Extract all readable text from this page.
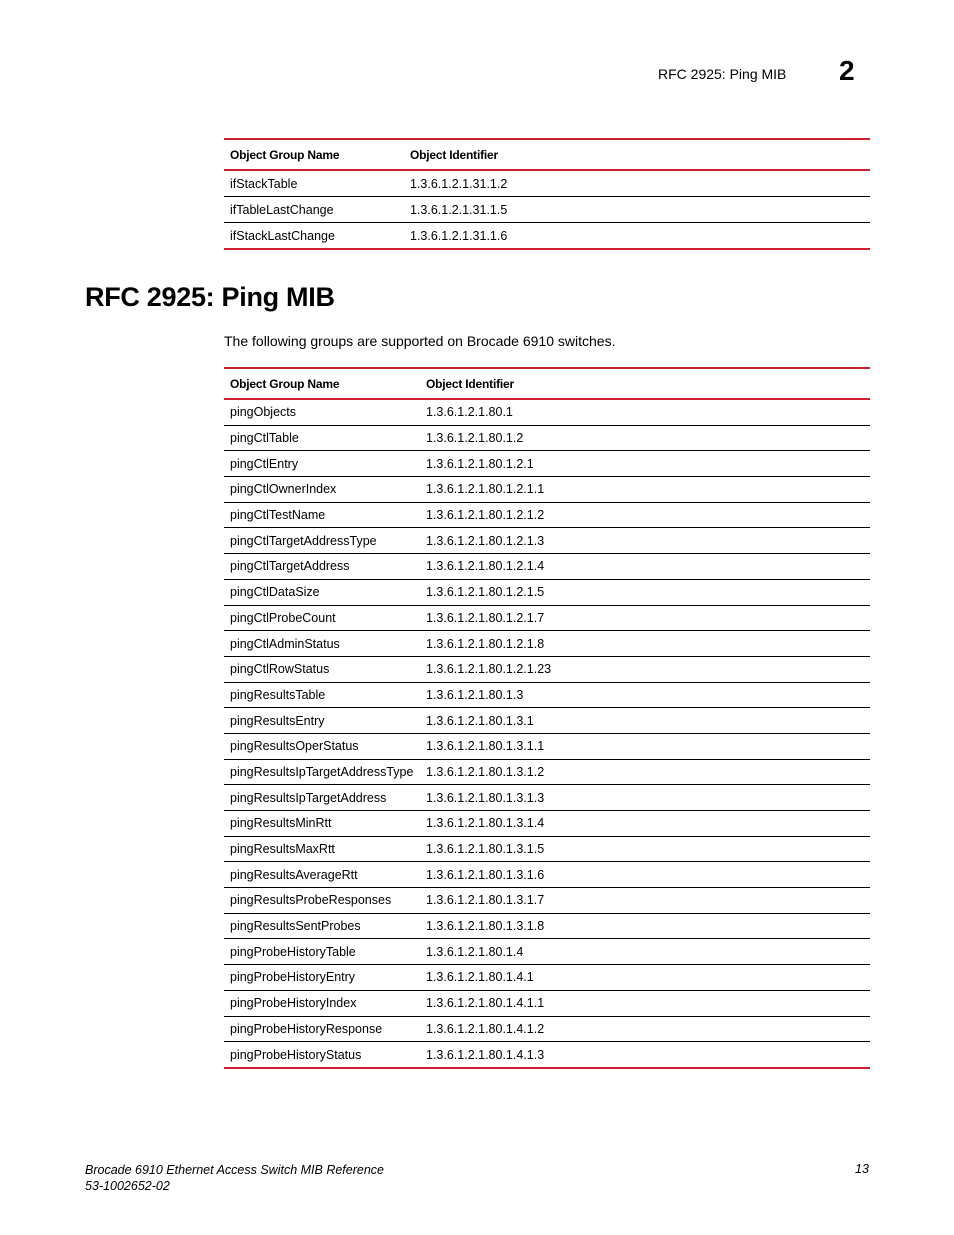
RFC 2925: Ping MIB 2
Object Group Name	Object Identifier
ifStackTable	1.3.6.1.2.1.31.1.2
ifTableLastChange	1.3.6.1.2.1.31.1.5
ifStackLastChange	1.3.6.1.2.1.31.1.6
RFC 2925: Ping MIB

The following groups are supported on Brocade 6910 switches.

Object Group Name	Object Identifier
pingObjects	1.3.6.1.2.1.80.1
pingCtlTable	1.3.6.1.2.1.80.1.2
pingCtlEntry	1.3.6.1.2.1.80.1.2.1
pingCtlOwnerIndex	1.3.6.1.2.1.80.1.2.1.1
pingCtlTestName	1.3.6.1.2.1.80.1.2.1.2
pingCtlTargetAddressType	1.3.6.1.2.1.80.1.2.1.3
pingCtlTargetAddress	1.3.6.1.2.1.80.1.2.1.4
pingCtlDataSize	1.3.6.1.2.1.80.1.2.1.5
pingCtlProbeCount	1.3.6.1.2.1.80.1.2.1.7
pingCtlAdminStatus	1.3.6.1.2.1.80.1.2.1.8
pingCtlRowStatus	1.3.6.1.2.1.80.1.2.1.23
pingResultsTable	1.3.6.1.2.1.80.1.3
pingResultsEntry	1.3.6.1.2.1.80.1.3.1
pingResultsOperStatus	1.3.6.1.2.1.80.1.3.1.1
pingResultsIpTargetAddressType	1.3.6.1.2.1.80.1.3.1.2
pingResultsIpTargetAddress	1.3.6.1.2.1.80.1.3.1.3
pingResultsMinRtt	1.3.6.1.2.1.80.1.3.1.4
pingResultsMaxRtt	1.3.6.1.2.1.80.1.3.1.5
pingResultsAverageRtt	1.3.6.1.2.1.80.1.3.1.6
pingResultsProbeResponses	1.3.6.1.2.1.80.1.3.1.7
pingResultsSentProbes	1.3.6.1.2.1.80.1.3.1.8
pingProbeHistoryTable	1.3.6.1.2.1.80.1.4
pingProbeHistoryEntry	1.3.6.1.2.1.80.1.4.1
pingProbeHistoryIndex	1.3.6.1.2.1.80.1.4.1.1
pingProbeHistoryResponse	1.3.6.1.2.1.80.1.4.1.2
pingProbeHistoryStatus	1.3.6.1.2.1.80.1.4.1.3
Brocade 6910 Ethernet Access Switch MIB Reference
53-1002652-02
13
